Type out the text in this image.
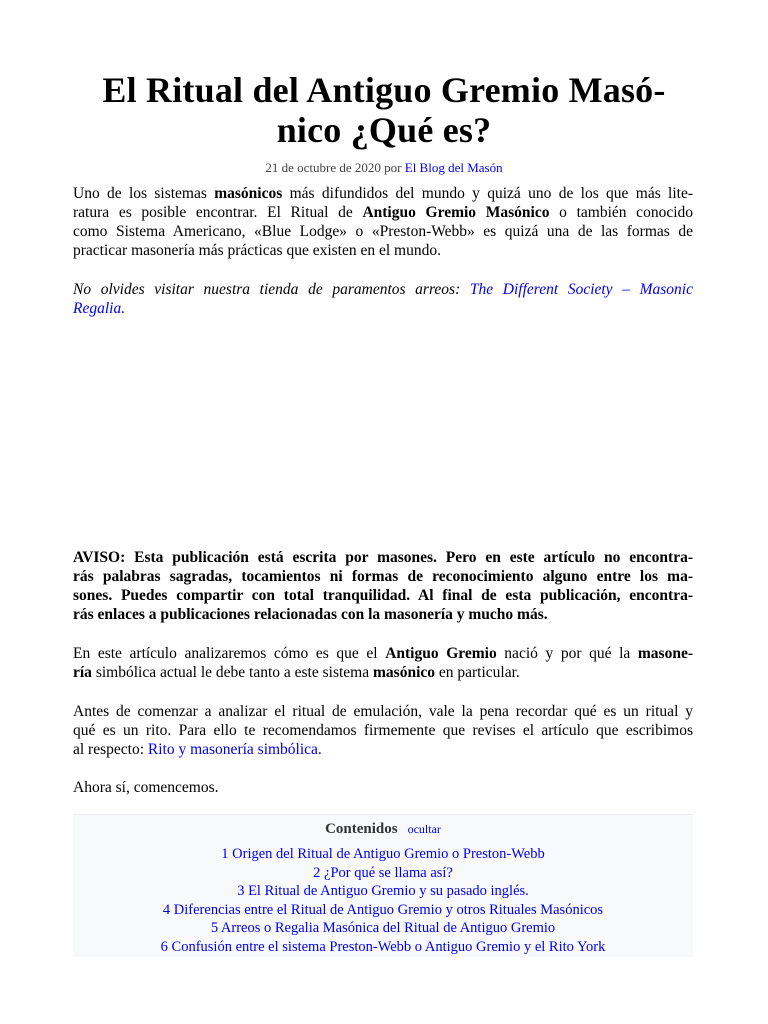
El Ritual del Antiguo Gremio Masó-
nico ¿Qué es?
21 de octubre de 2020 por El Blog del Masón
Uno de los sistemas masónicos más difundidos del mundo y quizá uno de los que más lite-
ratura es posible encontrar. El Ritual de Antiguo Gremio Masónico o también conocido
como Sistema Americano, «Blue Lodge» o «Preston-Webb» es quizá una de las formas de
practicar masonería más prácticas que existen en el mundo.
No olvides visitar nuestra tienda de paramentos arreos: The Different Society – Masonic
Regalia.
AVISO: Esta publicación está escrita por masones. Pero en este artículo no encontra-
rás palabras sagradas, tocamientos ni formas de reconocimiento alguno entre los ma-
sones. Puedes compartir con total tranquilidad. Al final de esta publicación, encontra-
rás enlaces a publicaciones relacionadas con la masonería y mucho más.
En este artículo analizaremos cómo es que el Antiguo Gremio nació y por qué la masone-
ría simbólica actual le debe tanto a este sistema masónico en particular.
Antes de comenzar a analizar el ritual de emulación, vale la pena recordar qué es un ritual y
qué es un rito. Para ello te recomendamos firmemente que revises el artículo que escribimos
al respecto: Rito y masonería simbólica.
Ahora sí, comencemos.
Contenidos ocultar
1 Origen del Ritual de Antiguo Gremio o Preston-Webb
2 ¿Por qué se llama así?
3 El Ritual de Antiguo Gremio y su pasado inglés.
4 Diferencias entre el Ritual de Antiguo Gremio y otros Rituales Masónicos
5 Arreos o Regalia Masónica del Ritual de Antiguo Gremio
6 Confusión entre el sistema Preston-Webb o Antiguo Gremio y el Rito York
